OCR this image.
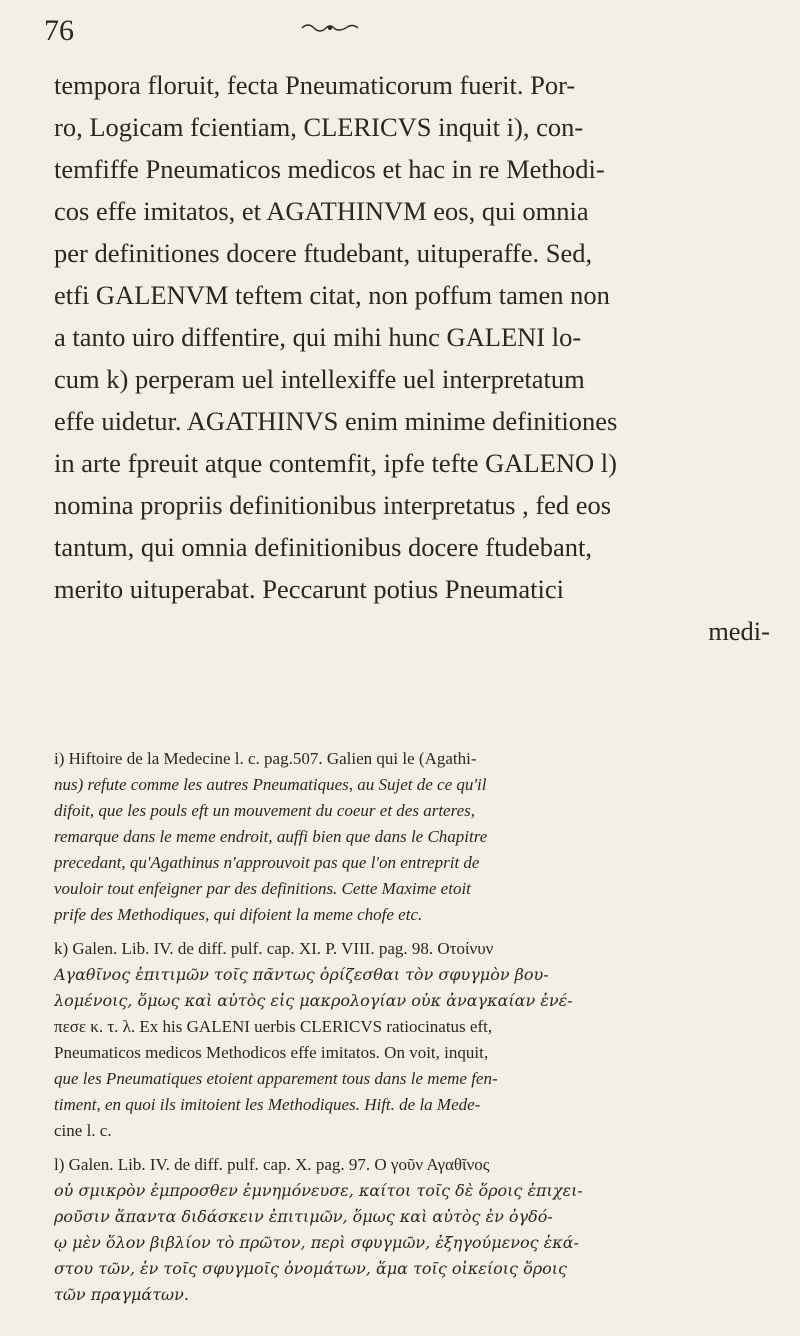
76
tempora floruit, fecta Pneumaticorum fuerit. Por-
ro, Logicam fcientiam, CLERICVS inquit i), con-
temfiffe Pneumaticos medicos et hac in re Methodi-
cos effe imitatos, et AGATHINVM eos, qui omnia
per definitiones docere ftudebant, uituperaffe. Sed,
etfi GALENVM teftem citat, non poffum tamen non
a tanto uiro diffentire, qui mihi hunc GALENI lo-
cum k) perperam uel intellexiffe uel interpretatum
effe uidetur. AGATHINVS enim minime definitiones
in arte fpreuit atque contemfit, ipfe tefte GALENO l)
nomina propriis definitionibus interpretatus , fed eos
tantum, qui omnia definitionibus docere ftudebant,
merito uituperabat. Peccarunt potius Pneumatici
medi-
i) Hiftoire de la Medecine l. c. pag.507. Galien qui le (Agathi-
nus) refute comme les autres Pneumatiques, au Sujet de ce qu'il
difoit, que les pouls eft un mouvement du coeur et des arteres,
remarque dans le meme endroit, auffi bien que dans le Chapitre
precedant, qu'Agathinus n'approuvoit pas que l'on entreprit de
vouloir tout enfeigner par des definitions. Cette Maxime etoit
prife des Methodiques, qui difoient la meme chofe etc.
k) Galen. Lib. IV. de diff. pulf. cap. XI. P. VIII. pag. 98. Οτοίνυν
Αγαθῖνος ἐπιτιμῶν τοῖς πᾶντως ὁρίζεσθαι τὸν σφυγμὸν βου-
λομένοις, ὅμως καὶ αὐτὸς εἰς μακρολογίαν οὐκ ἀναγκαίαν ἐνέ-
πεσε κ. τ. λ. Ex his GALENI uerbis CLERICVS ratiocinatus eft,
Pneumaticos medicos Methodicos effe imitatos. On voit, inquit,
que les Pneumatiques etoient apparement tous dans le meme fen-
timent, en quoi ils imitoient les Methodiques. Hift. de la Mede-
cine l. c.
l) Galen. Lib. IV. de diff. pulf. cap. X. pag. 97. Ο γοῦν Αγαθῖνος
οὐ σμικρὸν ἐμπροσθεν ἐμνημόνευσε, καίτοι τοῖς δὲ ὅροις ἐπιχει-
ροῦσιν ἅπαντα διδάσκειν ἐπιτιμῶν, ὅμως καὶ αὐτὸς ἐν ὀγδό-
ῳ μὲν ὅλον βιβλίον τὸ πρῶτον, περὶ σφυγμῶν, ἐξηγούμενος ἑκά-
στου τῶν, ἐν τοῖς σφυγμοῖς ὀνομάτων, ἅμα τοῖς οἰκείοις ὅροις
τῶν πραγμάτων.
